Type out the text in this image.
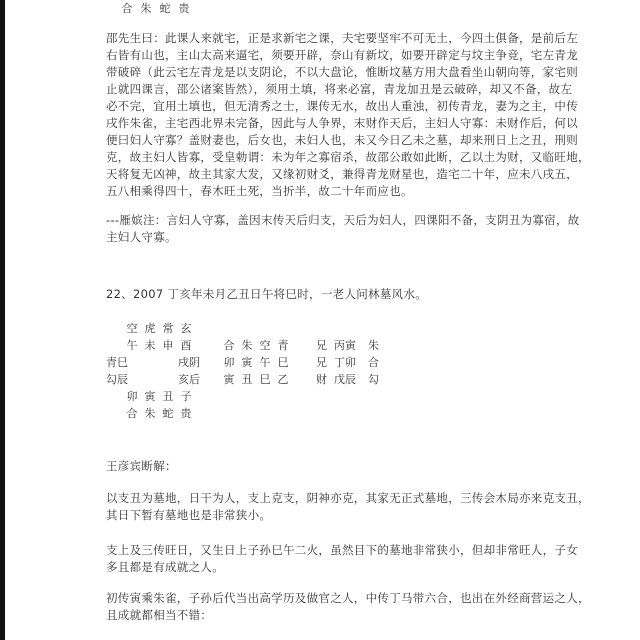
合 朱 蛇 贵
邵先生曰：此课人来就宅，正是求新宅之课，夫宅要坚牢不可无土，今四土俱备，是前后左
右皆有山也，主山太高来逼宅，须要开辟，奈山有新坟，如要开辟定与坟主争竞，宅左青龙
带破碎（此云宅左青龙是以支阴论，不以大盘论，惟断坟墓方用大盘看坐山朝向等，家宅则
止就四课言，邵公诸案皆然），须用土填，将来必富，青龙加丑是云破碎，却又不备，故左
必不完，宜用土填也，但无清秀之士，课传无水，故出人重浊，初传青龙，妻为之主，中传
戌作朱雀，主宅西北界未完备，因此与人争界，末财作天后，主妇人守寡：未财作后，何以
便曰妇人守寡？盖财妻也，后女也，未妇人也，未又今日乙未之墓，却来刑日上之丑，刑则
克，故主妇人皆寡，受皇勅谓：未为年之寡宿杀，故邵公敢如此断，乙以土为财，又临旺地，
天将复无凶神，故主其家大发，又缘初财爻，兼得青龙财星也，造宅二十年，应未八戌五，
五八相乘得四十，春木旺土死，当折半，故二十年而应也。
---雁嫔注：言妇人守寡，盖因末传天后归支，天后为妇人，四课阳不备，支阴丑为寡宿，故
主妇人守寡。
22、2007 丁亥年未月乙丑日午将巳时，一老人问林墓风水。
空 虎 常 玄
午 未 申 酉
青巳	戌阴
勾辰	亥后
卯 寅 丑 子
合 朱 蛇 贵
合 朱 空 青
卯 寅 午 巳
寅 丑 巳 乙
兄 丙寅 朱
兄 丁卯 合
财 戊辰 勾
王彦宾断解：
以支丑为墓地，日干为人，支上克支，阴神亦克，其家无正式墓地，三传会木局亦来克支丑，
其日下暂有墓地也是非常狭小。
支上及三传旺日，又生日上子孙巳午二火，虽然目下的墓地非常狭小，但却非常旺人，子女
多且都是有成就之人。
初传寅乘朱雀，子孙后代当出高学历及做官之人，中传丁马带六合，也出在外经商营运之人，
且成就都相当不错：
